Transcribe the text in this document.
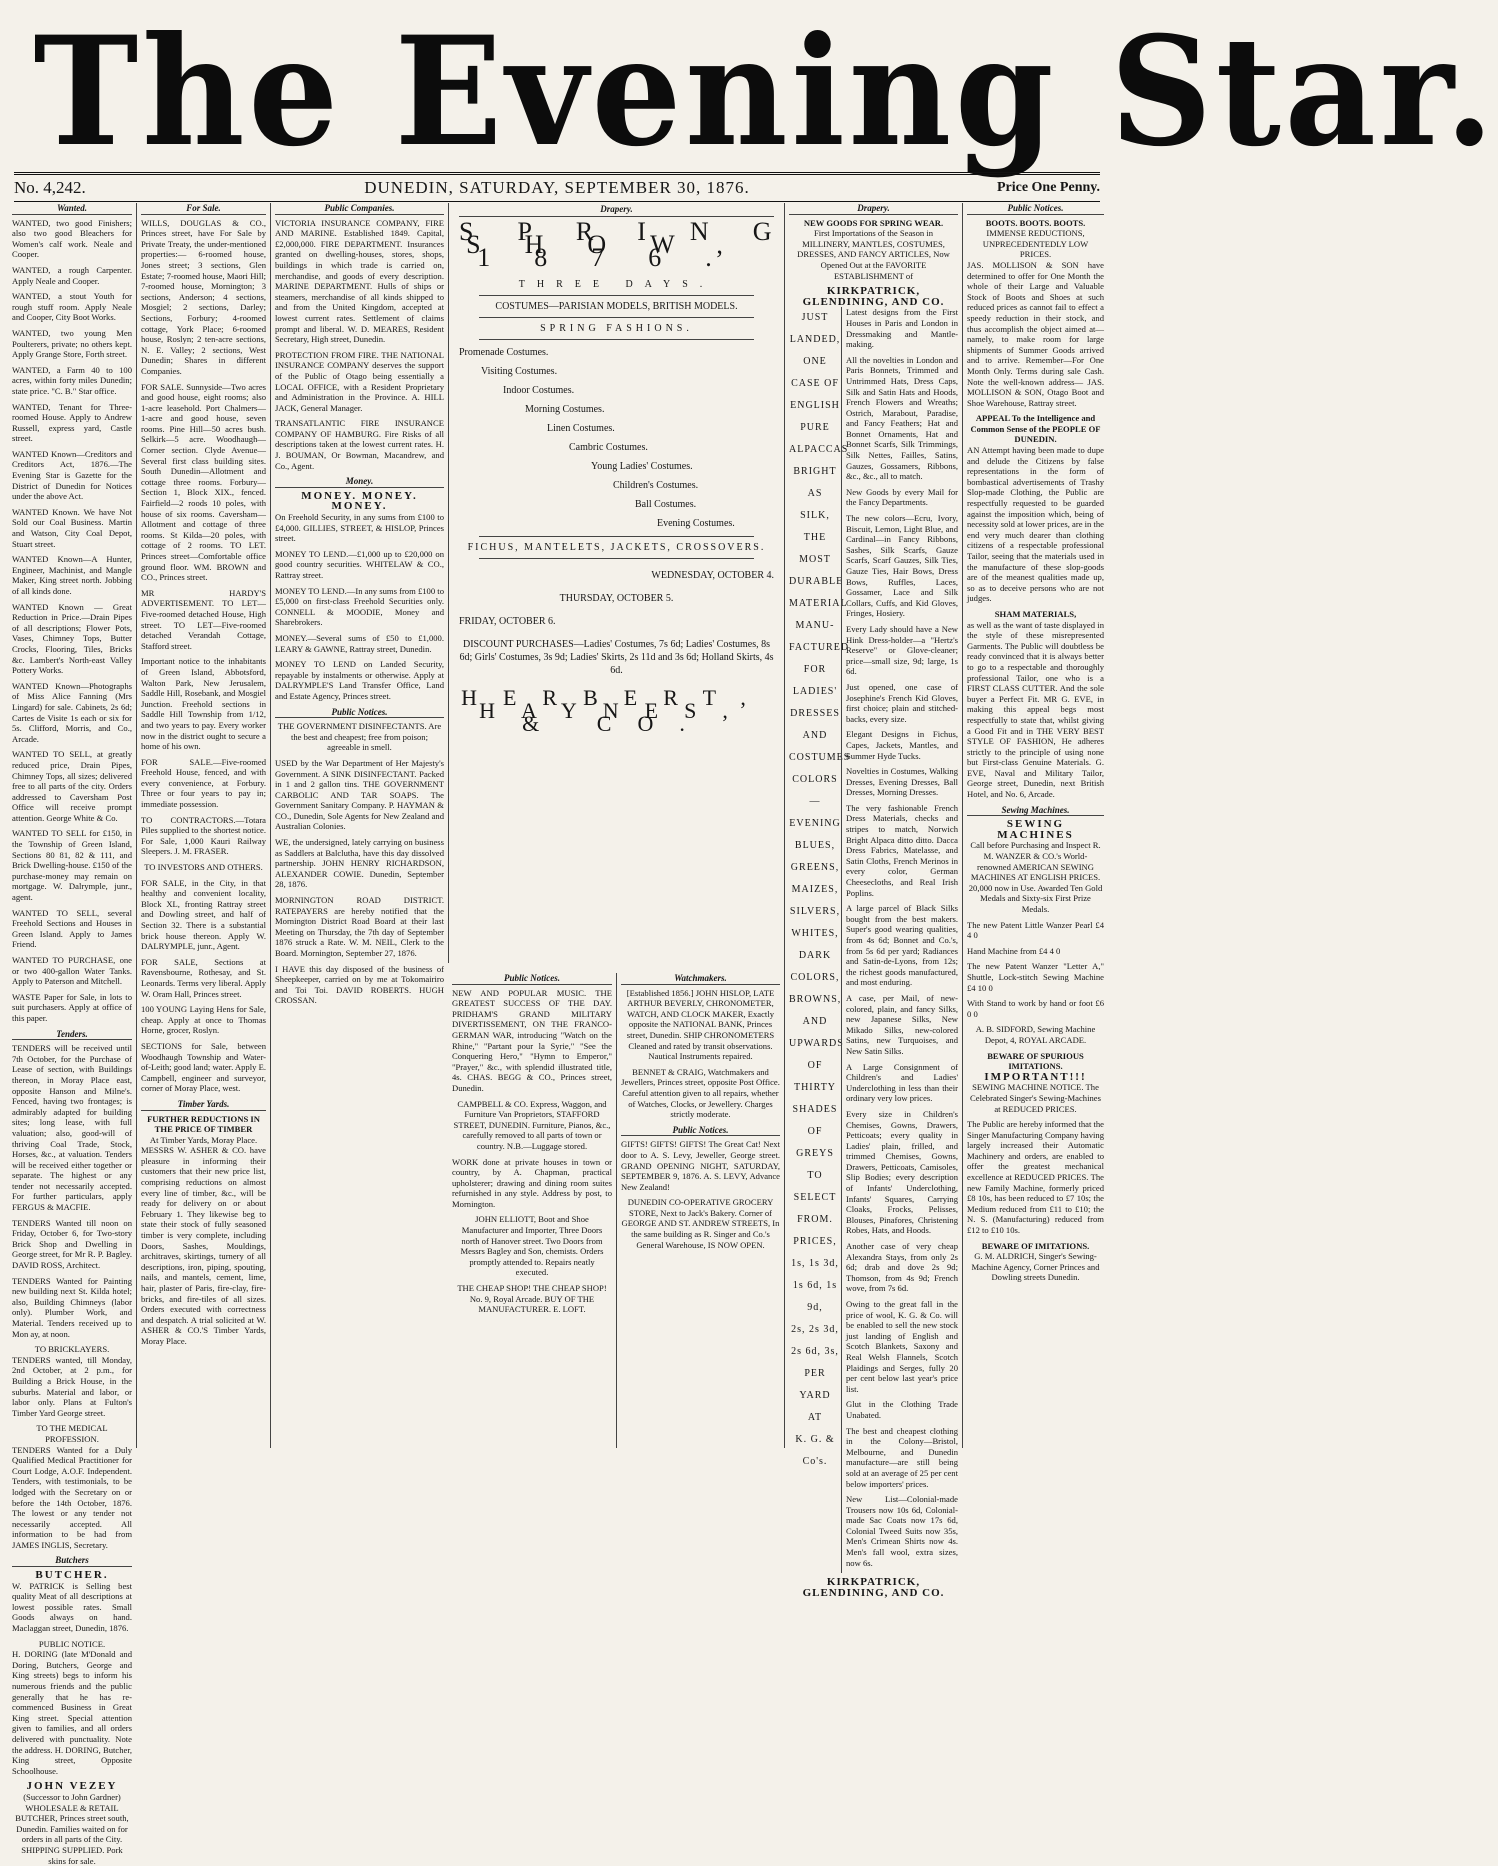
The Evening Star.
No. 4,242.	DUNEDIN, SATURDAY, SEPTEMBER 30, 1876.	Price One Penny.
Wanted.
WANTED, two good Finishers; also two good Bleachers for Women's calf work. Neale and Cooper.
WANTED, a rough Carpenter. Apply Neale and Cooper.
WANTED, a stout Youth for rough stuff room. Apply Neale and Cooper, City Boot Works.
WANTED, two young Men Poulterers, private; no others kept. Apply Grange Store, Forth street.
WANTED, a Farm 40 to 100 acres, within forty miles Dunedin; state price. "C. B." Star office.
WANTED, Tenant for Three-roomed House. Apply to Andrew Russell, express yard, Castle street.
WANTED Known—Creditors and Creditors Act, 1876.—The Evening Star is Gazette for the District of Dunedin for Notices under the above Act.
WANTED Known. We have Not Sold our Coal Business. Martin and Watson, City Coal Depot, Stuart street.
WANTED Known—A Hunter, Engineer, Machinist, and Mangle Maker, King street north. Jobbing of all kinds done.
WANTED Known — Great Reduction in Price.—Drain Pipes of all descriptions; Flower Pots, Vases, Chimney Tops, Butter Crocks, Flooring, Tiles, Bricks &c. Lambert's North-east Valley Pottery Works.
WANTED Known—Photographs of Miss Alice Fanning (Mrs Lingard) for sale. Cabinets, 2s 6d; Cartes de Visite 1s each or six for 5s. Clifford, Morris, and Co., Arcade.
WANTED TO SELL, at greatly reduced price, Drain Pipes, Chimney Tops, all sizes; delivered free to all parts of the city. Orders addressed to Caversham Post Office will receive prompt attention. George White & Co.
WANTED TO SELL for £150, in the Township of Green Island, Sections 80 81, 82 & 111, and Brick Dwelling-house. £150 of the purchase-money may remain on mortgage. W. Dalrymple, junr., agent.
WANTED TO SELL, several Freehold Sections and Houses in Green Island. Apply to James Friend.
WANTED TO PURCHASE, one or two 400-gallon Water Tanks. Apply to Paterson and Mitchell.
WASTE Paper for Sale, in lots to suit purchasers. Apply at office of this paper.
Tenders.
TENDERS will be received until 7th October, for the Purchase of Lease of section, with Buildings thereon, in Moray Place east, opposite Hanson and Milne's. Fenced, having two frontages; is admirably adapted for building sites; long lease, with full valuation; also, good-will of thriving Coal Trade, Stock, Horses, &c., at valuation. Tenders will be received either together or separate. The highest or any tender not necessarily accepted. For further particulars, apply FERGUS & MACFIE.
TENDERS Wanted till noon on Friday, October 6, for Two-story Brick Shop and Dwelling in George street, for Mr R. P. Bagley. DAVID ROSS, Architect.
TENDERS Wanted for Painting new building next St. Kilda hotel; also, Building Chimneys (labor only). Plumber Work, and Material. Tenders received up to Mon ay, at noon.
TO BRICKLAYERS.
TENDERS wanted, till Monday, 2nd October, at 2 p.m., for Building a Brick House, in the suburbs. Material and labor, or labor only. Plans at Fulton's Timber Yard George street.
TO THE MEDICAL PROFESSION.
TENDERS Wanted for a Duly Qualified Medical Practitioner for Court Lodge, A.O.F. Independent. Tenders, with testimonials, to be lodged with the Secretary on or before the 14th October, 1876. The lowest or any tender not necessarily accepted. All information to be had from JAMES INGLIS, Secretary.
Butchers
BUTCHER.
W. PATRICK is Selling best quality Meat of all descriptions at lowest possible rates. Small Goods always on hand. Maclaggan street, Dunedin, 1876.
PUBLIC NOTICE.
H. DORING (late M'Donald and Doring, Butchers, George and King streets) begs to inform his numerous friends and the public generally that he has re-commenced Business in Great King street. Special attention given to families, and all orders delivered with punctuality. Note the address. H. DORING, Butcher, King street, Opposite Schoolhouse.
JOHN VEZEY
(Successor to John Gardner) WHOLESALE & RETAIL BUTCHER, Princes street south, Dunedin. Families waited on for orders in all parts of the City. SHIPPING SUPPLIED. Pork skins for sale.
For Sale.
WILLS, DOUGLAS & CO., Princes street, have For Sale by Private Treaty, the under-mentioned properties:— 6-roomed house, Jones street; 3 sections, Glen Estate; 7-roomed house, Maori Hill; 7-roomed house, Mornington; 3 sections, Anderson; 4 sections, Mosgiel; 2 sections, Darley; Sections, Forbury; 4-roomed cottage, York Place; 6-roomed house, Roslyn; 2 ten-acre sections, N. E. Valley; 2 sections, West Dunedin; Shares in different Companies.
FOR SALE. Sunnyside—Two acres and good house, eight rooms; also 1-acre leasehold. Port Chalmers—1-acre and good house, seven rooms. Pine Hill—50 acres bush. Selkirk—5 acre. Woodhaugh—Corner section. Clyde Avenue—Several first class building sites. South Dunedin—Allotment and cottage three rooms. Forbury—Section 1, Block XIX., fenced. Fairfield—2 roods 10 poles, with house of six rooms. Caversham—Allotment and cottage of three rooms. St Kilda—20 poles, with cottage of 2 rooms. TO LET. Princes street—Comfortable office ground floor. WM. BROWN and CO., Princes street.
MR HARDY'S ADVERTISEMENT. TO LET—Five-roomed detached House, High street. TO LET—Five-roomed detached Verandah Cottage, Stafford street.
Important notice to the inhabitants of Green Island, Abbotsford, Walton Park, New Jerusalem, Saddle Hill, Rosebank, and Mosgiel Junction. Freehold sections in Saddle Hill Township from 1/12, and two years to pay. Every worker now in the district ought to secure a home of his own.
FOR SALE.—Five-roomed Freehold House, fenced, and with every convenience, at Forbury. Three or four years to pay in; immediate possession.
TO CONTRACTORS.—Totara Piles supplied to the shortest notice. For Sale, 1,000 Kauri Railway Sleepers. J. M. FRASER.
TO INVESTORS AND OTHERS.
FOR SALE, in the City, in that healthy and convenient locality, Block XL, fronting Rattray street and Dowling street, and half of Section 32. There is a substantial brick house thereon. Apply W. DALRYMPLE, junr., Agent.
FOR SALE, Sections at Ravensbourne, Rothesay, and St. Leonards. Terms very liberal. Apply W. Oram Hall, Princes street.
100 YOUNG Laying Hens for Sale, cheap. Apply at once to Thomas Horne, grocer, Roslyn.
SECTIONS for Sale, between Woodhaugh Township and Water-of-Leith; good land; water. Apply E. Campbell, engineer and surveyor, corner of Moray Place, west.
Timber Yards.
FURTHER REDUCTIONS IN THE PRICE OF TIMBER
At Timber Yards, Moray Place.
MESSRS W. ASHER & CO. have pleasure in informing their customers that their new price list, comprising reductions on almost every line of timber, &c., will be ready for delivery on or about February 1. They likewise beg to state their stock of fully seasoned timber is very complete, including Doors, Sashes, Mouldings, architraves, skirtings, turnery of all descriptions, iron, piping, spouting, nails, and mantels, cement, lime, hair, plaster of Paris, fire-clay, fire-bricks, and fire-tiles of all sizes. Orders executed with correctness and despatch. A trial solicited at W. ASHER & CO.'S Timber Yards, Moray Place.
Public Companies.
VICTORIA INSURANCE COMPANY, FIRE AND MARINE. Established 1849. Capital, £2,000,000. FIRE DEPARTMENT. Insurances granted on dwelling-houses, stores, shops, buildings in which trade is carried on, merchandise, and goods of every description. MARINE DEPARTMENT. Hulls of ships or steamers, merchandise of all kinds shipped to and from the United Kingdom, accepted at lowest current rates. Settlement of claims prompt and liberal. W. D. MEARES, Resident Secretary, High street, Dunedin.
PROTECTION FROM FIRE. THE NATIONAL INSURANCE COMPANY deserves the support of the Public of Otago being essentially a LOCAL OFFICE, with a Resident Proprietary and Administration in the Province. A. HILL JACK, General Manager.
TRANSATLANTIC FIRE INSURANCE COMPANY OF HAMBURG. Fire Risks of all descriptions taken at the lowest current rates. H. J. BOUMAN, Or Bowman, Macandrew, and Co., Agent.
Money.
MONEY. MONEY. MONEY.
On Freehold Security, in any sums from £100 to £4,000. GILLIES, STREET, & HISLOP, Princes street.
MONEY TO LEND.—£1,000 up to £20,000 on good country securities. WHITELAW & CO., Rattray street.
MONEY TO LEND.—In any sums from £100 to £5,000 on first-class Freehold Securities only. CONNELL & MOODIE, Money and Sharebrokers.
MONEY.—Several sums of £50 to £1,000. LEARY & GAWNE, Rattray street, Dunedin.
MONEY TO LEND on Landed Security, repayable by instalments or otherwise. Apply at DALRYMPLE'S Land Transfer Office, Land and Estate Agency, Princes street.
Public Notices.
THE GOVERNMENT DISINFECTANTS. Are the best and cheapest; free from poison; agreeable in smell.
USED by the War Department of Her Majesty's Government. A SINK DISINFECTANT. Packed in 1 and 2 gallon tins. THE GOVERNMENT CARBOLIC AND TAR SOAPS. The Government Sanitary Company. P. HAYMAN & CO., Dunedin, Sole Agents for New Zealand and Australian Colonies.
WE, the undersigned, lately carrying on business as Saddlers at Balclutha, have this day dissolved partnership. JOHN HENRY RICHARDSON, ALEXANDER COWIE. Dunedin, September 28, 1876.
MORNINGTON ROAD DISTRICT. RATEPAYERS are hereby notified that the Mornington District Road Board at their last Meeting on Thursday, the 7th day of September 1876 struck a Rate. W. M. NEIL, Clerk to the Board. Mornington, September 27, 1876.
I HAVE this day disposed of the business of Sheepkeeper, carried on by me at Tokomairiro and Toi Toi. DAVID ROBERTS. HUGH CROSSAN.
Drapery.
SPRING SHOW, 1876.
THREE DAYS.
COSTUMES—PARISIAN MODELS, BRITISH MODELS.
SPRING FASHIONS.
Promenade Costumes.
Visiting Costumes.
Indoor Costumes.
Morning Costumes.
Linen Costumes.
Cambric Costumes.
Young Ladies' Costumes.
Children's Costumes.
Ball Costumes.
Evening Costumes.
FICHUS, MANTELETS, JACKETS, CROSSOVERS.
WEDNESDAY, OCTOBER 4.
THURSDAY, OCTOBER 5.
FRIDAY, OCTOBER 6.
DISCOUNT PURCHASES—Ladies' Costumes, 7s 6d; Ladies' Costumes, 8s 6d; Girls' Costumes, 3s 9d; Ladies' Skirts, 2s 11d and 3s 6d; Holland Skirts, 4s 6d.
HERBERT, HAYNES, & CO.
Public Notices.
NEW AND POPULAR MUSIC. THE GREATEST SUCCESS OF THE DAY. PRIDHAM'S GRAND MILITARY DIVERTISSEMENT, ON THE FRANCO-GERMAN WAR, introducing "Watch on the Rhine," "Partant pour la Syrie," "See the Conquering Hero," "Hymn to Emperor," "Prayer," &c., with splendid illustrated title, 4s. CHAS. BEGG & CO., Princes street, Dunedin.
CAMPBELL & CO. Express, Waggon, and Furniture Van Proprietors, STAFFORD STREET, DUNEDIN. Furniture, Pianos, &c., carefully removed to all parts of town or country. N.B.—Luggage stored.
WORK done at private houses in town or country, by A. Chapman, practical upholsterer; drawing and dining room suites refurnished in any style. Address by post, to Mornington.
JOHN ELLIOTT, Boot and Shoe Manufacturer and Importer, Three Doors north of Hanover street. Two Doors from Messrs Bagley and Son, chemists. Orders promptly attended to. Repairs neatly executed.
THE CHEAP SHOP! THE CHEAP SHOP! No. 9, Royal Arcade. BUY OF THE MANUFACTURER. E. LOFT.
Watchmakers.
[Established 1856.] JOHN HISLOP, LATE ARTHUR BEVERLY, CHRONOMETER, WATCH, AND CLOCK MAKER, Exactly opposite the NATIONAL BANK, Princes street, Dunedin. SHIP CHRONOMETERS Cleaned and rated by transit observations. Nautical Instruments repaired.
BENNET & CRAIG, Watchmakers and Jewellers, Princes street, opposite Post Office. Careful attention given to all repairs, whether of Watches, Clocks, or Jewellery. Charges strictly moderate.
Public Notices.
GIFTS! GIFTS! GIFTS! The Great Cat! Next door to A. S. Levy, Jeweller, George street. GRAND OPENING NIGHT, SATURDAY, SEPTEMBER 9, 1876. A. S. LEVY, Advance New Zealand!
DUNEDIN CO-OPERATIVE GROCERY STORE, Next to Jack's Bakery. Corner of GEORGE AND ST. ANDREW STREETS, In the same building as R. Singer and Co.'s General Warehouse, IS NOW OPEN.
Drapery.
NEW GOODS FOR SPRING WEAR.
First Importations of the Season in MILLINERY, MANTLES, COSTUMES, DRESSES, AND FANCY ARTICLES, Now Opened Out at the FAVORITE ESTABLISHMENT of
KIRKPATRICK, GLENDINING, AND CO.
JUST
LANDED,
ONE
CASE OF
ENGLISH
PURE
ALPACCAS
BRIGHT
AS
SILK,
THE
MOST
DURABLE
MATERIAL
MANU-
FACTURED
FOR
LADIES'
DRESSES
AND
COSTUMES
COLORS—
EVENING
BLUES,
GREENS,
MAIZES,
SILVERS,
WHITES,
DARK
COLORS,
BROWNS,
AND
UPWARDS
OF
THIRTY
SHADES
OF
GREYS
TO
SELECT
FROM.
PRICES,
1s, 1s 3d,
1s 6d, 1s 9d,
2s, 2s 3d,
2s 6d, 3s,
PER YARD
AT
K. G. & Co's.
Latest designs from the First Houses in Paris and London in Dressmaking and Mantle-making.
All the novelties in London and Paris Bonnets, Trimmed and Untrimmed Hats, Dress Caps, Silk and Satin Hats and Hoods, French Flowers and Wreaths; Ostrich, Marabout, Paradise, and Fancy Feathers; Hat and Bonnet Ornaments, Hat and Bonnet Scarfs, Silk Trimmings, Silk Nettes, Failles, Satins, Gauzes, Gossamers, Ribbons, &c., &c., all to match.
New Goods by every Mail for the Fancy Departments.
The new colors—Ecru, Ivory, Biscuit, Lemon, Light Blue, and Cardinal—in Fancy Ribbons, Sashes, Silk Scarfs, Gauze Scarfs, Scarf Gauzes, Silk Ties, Gauze Ties, Hair Bows, Dress Bows, Ruffles, Laces, Gossamer, Lace and Silk Collars, Cuffs, and Kid Gloves, Fringes, Hosiery.
Every Lady should have a New Hink Dress-holder—a "Hertz's Reserve" or Glove-cleaner; price—small size, 9d; large, 1s 6d.
Just opened, one case of Josephine's French Kid Gloves, first choice; plain and stitched-backs, every size.
Elegant Designs in Fichus, Capes, Jackets, Mantles, and Summer Hyde Tucks.
Novelties in Costumes, Walking Dresses, Evening Dresses, Ball Dresses, Morning Dresses.
The very fashionable French Dress Materials, checks and stripes to match, Norwich Bright Alpaca ditto ditto. Dacca Dress Fabrics, Matelasse, and Satin Cloths, French Merinos in every color, German Cheesecloths, and Real Irish Poplins.
A large parcel of Black Silks bought from the best makers. Super's good wearing qualities, from 4s 6d; Bonnet and Co.'s, from 5s 6d per yard; Radiances and Satin-de-Lyons, from 12s; the richest goods manufactured, and most enduring.
A case, per Mail, of new-colored, plain, and fancy Silks, new Japanese Silks, New Mikado Silks, new-colored Satins, new Turquoises, and New Satin Silks.
A Large Consignment of Children's and Ladies' Underclothing in less than their ordinary very low prices.
Every size in Children's Chemises, Gowns, Drawers, Petticoats; every quality in Ladies' plain, frilled, and trimmed Chemises, Gowns, Drawers, Petticoats, Camisoles, Slip Bodies; every description of Infants' Underclothing, Infants' Squares, Carrying Cloaks, Frocks, Pelisses, Blouses, Pinafores, Christening Robes, Hats, and Hoods.
Another case of very cheap Alexandra Stays, from only 2s 6d; drab and dove 2s 9d; Thomson, from 4s 9d; French wove, from 7s 6d.
Owing to the great fall in the price of wool, K. G. & Co. will be enabled to sell the new stock just landing of English and Scotch Blankets, Saxony and Real Welsh Flannels, Scotch Plaidings and Serges, fully 20 per cent below last year's price list.
Glut in the Clothing Trade Unabated.
The best and cheapest clothing in the Colony—Bristol, Melbourne, and Dunedin manufacture—are still being sold at an average of 25 per cent below importers' prices.
New List—Colonial-made Trousers now 10s 6d, Colonial-made Sac Coats now 17s 6d, Colonial Tweed Suits now 35s, Men's Crimean Shirts now 4s. Men's fall wool, extra sizes, now 6s.
KIRKPATRICK, GLENDINING, AND CO.
Public Notices.
BOOTS. BOOTS. BOOTS.
IMMENSE REDUCTIONS, UNPRECEDENTEDLY LOW PRICES.
JAS. MOLLISON & SON have determined to offer for One Month the whole of their Large and Valuable Stock of Boots and Shoes at such reduced prices as cannot fail to effect a speedy reduction in their stock, and thus accomplish the object aimed at—namely, to make room for large shipments of Summer Goods arrived and to arrive. Remember—For One Month Only. Terms during sale Cash. Note the well-known address— JAS. MOLLISON & SON, Otago Boot and Shoe Warehouse, Rattray street.
APPEAL To the Intelligence and Common Sense of the PEOPLE OF DUNEDIN.
AN Attempt having been made to dupe and delude the Citizens by false representations in the form of bombastical advertisements of Trashy Slop-made Clothing, the Public are respectfully requested to be guarded against the imposition which, being of necessity sold at lower prices, are in the end very much dearer than clothing citizens of a respectable professional Tailor, seeing that the materials used in the manufacture of these slop-goods are of the meanest qualities made up, so as to deceive persons who are not judges.
SHAM MATERIALS,
as well as the want of taste displayed in the style of these misrepresented Garments. The Public will doubtless be ready convinced that it is always better to go to a respectable and thoroughly professional Tailor, one who is a FIRST CLASS CUTTER. And the sole buyer a Perfect Fit. MR G. EVE, in making this appeal begs most respectfully to state that, whilst giving a Good Fit and in THE VERY BEST STYLE OF FASHION, He adheres strictly to the principle of using none but First-class Genuine Materials. G. EVE, Naval and Military Tailor, George street, Dunedin, next British Hotel, and No. 6, Arcade.
Sewing Machines.
SEWING MACHINES
Call before Purchasing and Inspect R. M. WANZER & CO.'s World-renowned AMERICAN SEWING MACHINES AT ENGLISH PRICES. 20,000 now in Use. Awarded Ten Gold Medals and Sixty-six First Prize Medals.
The new Patent Little Wanzer Pearl £4 4 0
Hand Machine from £4 4 0
The new Patent Wanzer "Letter A," Shuttle, Lock-stitch Sewing Machine £4 10 0
With Stand to work by hand or foot £6 0 0
A. B. SIDFORD, Sewing Machine Depot, 4, ROYAL ARCADE.
BEWARE OF SPURIOUS IMITATIONS.
IMPORTANT!!!
SEWING MACHINE NOTICE. The Celebrated Singer's Sewing-Machines at REDUCED PRICES.
The Public are hereby informed that the Singer Manufacturing Company having largely increased their Automatic Machinery and orders, are enabled to offer the greatest mechanical excellence at REDUCED PRICES. The new Family Machine, formerly priced £8 10s, has been reduced to £7 10s; the Medium reduced from £11 to £10; the N. S. (Manufacturing) reduced from £12 to £10 10s.
BEWARE OF IMITATIONS.
G. M. ALDRICH, Singer's Sewing-Machine Agency, Corner Princes and Dowling streets Dunedin.
